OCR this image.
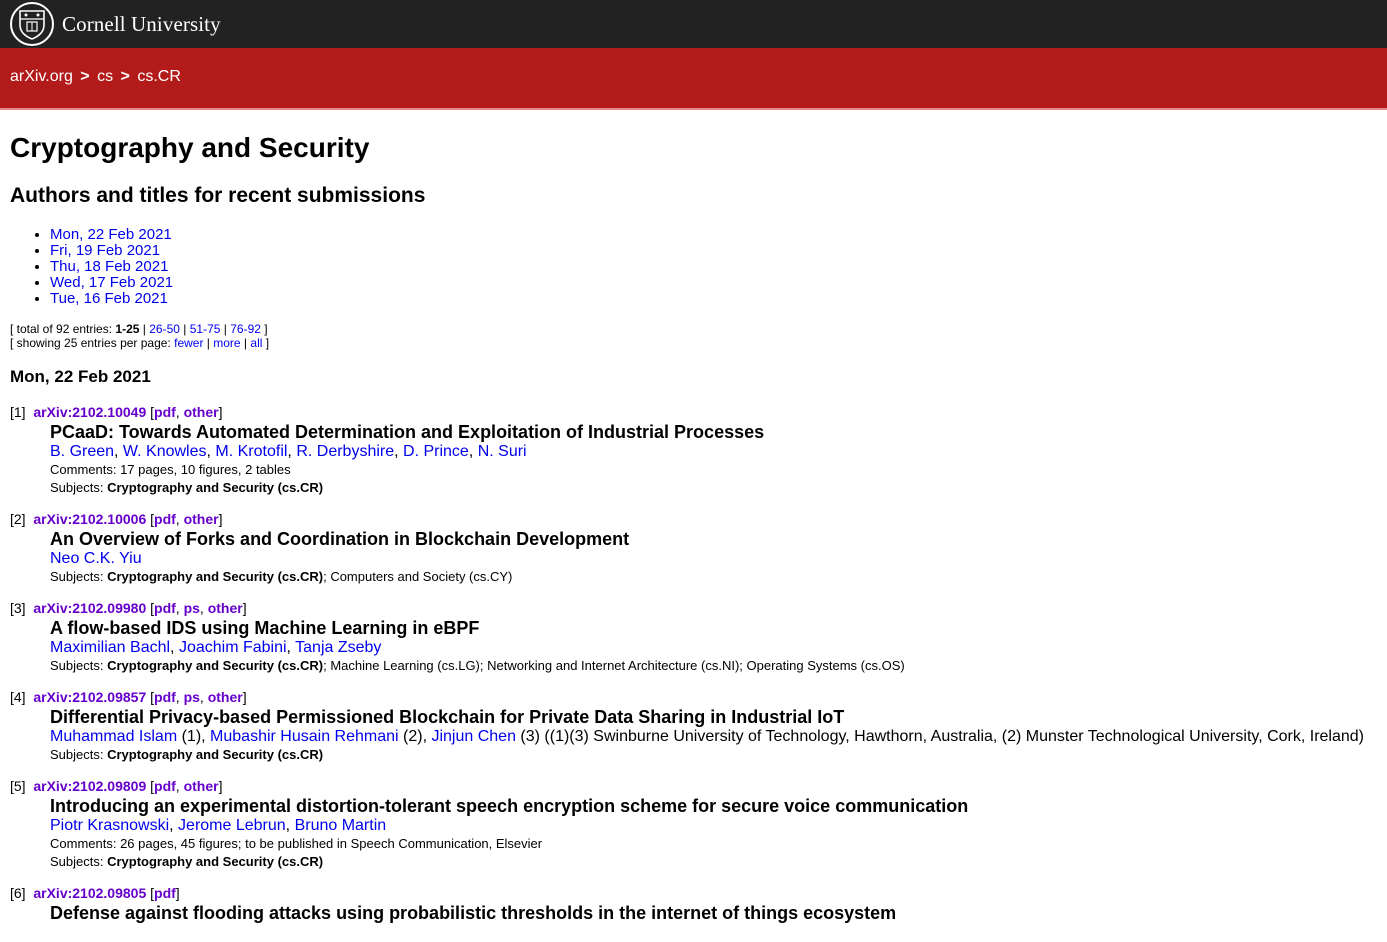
Cornell University
arXiv.org > cs > cs.CR
Cryptography and Security
Authors and titles for recent submissions
• Mon, 22 Feb 2021
• Fri, 19 Feb 2021
• Thu, 18 Feb 2021
• Wed, 17 Feb 2021
• Tue, 16 Feb 2021
[ total of 92 entries: 1-25 | 26-50 | 51-75 | 76-92 ]
[ showing 25 entries per page: fewer | more | all ]
Mon, 22 Feb 2021
[1] arXiv:2102.10049 [pdf, other]
PCaaD: Towards Automated Determination and Exploitation of Industrial Processes
B. Green, W. Knowles, M. Krotofil, R. Derbyshire, D. Prince, N. Suri
Comments: 17 pages, 10 figures, 2 tables
Subjects: Cryptography and Security (cs.CR)
[2] arXiv:2102.10006 [pdf, other]
An Overview of Forks and Coordination in Blockchain Development
Neo C.K. Yiu
Subjects: Cryptography and Security (cs.CR); Computers and Society (cs.CY)
[3] arXiv:2102.09980 [pdf, ps, other]
A flow-based IDS using Machine Learning in eBPF
Maximilian Bachl, Joachim Fabini, Tanja Zseby
Subjects: Cryptography and Security (cs.CR); Machine Learning (cs.LG); Networking and Internet Architecture (cs.NI); Operating Systems (cs.OS)
[4] arXiv:2102.09857 [pdf, ps, other]
Differential Privacy-based Permissioned Blockchain for Private Data Sharing in Industrial IoT
Muhammad Islam (1), Mubashir Husain Rehmani (2), Jinjun Chen (3) ((1)(3) Swinburne University of Technology, Hawthorn, Australia, (2) Munster Technological University, Cork, Ireland)
Subjects: Cryptography and Security (cs.CR)
[5] arXiv:2102.09809 [pdf, other]
Introducing an experimental distortion-tolerant speech encryption scheme for secure voice communication
Piotr Krasnowski, Jerome Lebrun, Bruno Martin
Comments: 26 pages, 45 figures; to be published in Speech Communication, Elsevier
Subjects: Cryptography and Security (cs.CR)
[6] arXiv:2102.09805 [pdf]
Defense against flooding attacks using probabilistic thresholds in the internet of things ecosystem
